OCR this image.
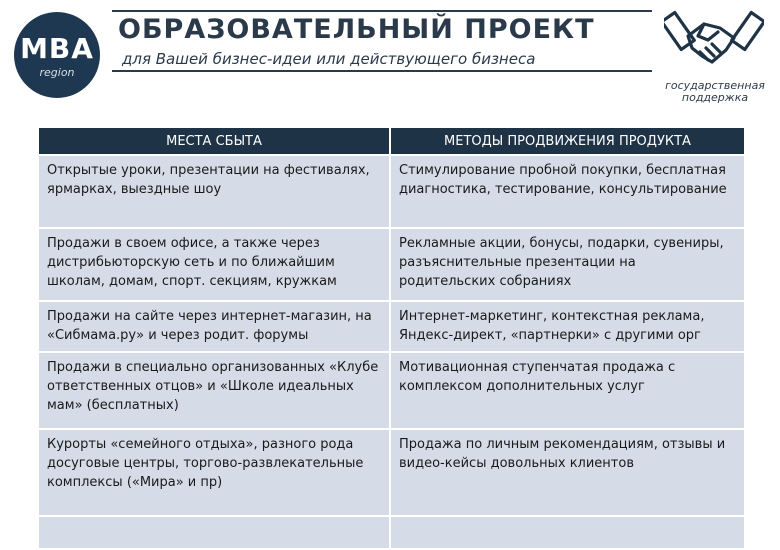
MBA
region
ОБРАЗОВАТЕЛЬНЫЙ ПРОЕКТ
для Вашей бизнес-идеи или действующего бизнеса
государственная
поддержка
МЕСТА СБЫТА	МЕТОДЫ ПРОДВИЖЕНИЯ ПРОДУКТА
Открытые уроки, презентации на фестивалях, ярмарках, выездные шоу	Стимулирование пробной покупки, бесплатная диагностика, тестирование, консультирование
Продажи в своем офисе, а также через дистрибьюторскую сеть и по ближайшим школам, домам, спорт. секциям, кружкам	Рекламные акции, бонусы, подарки, сувениры, разъяснительные презентации на родительских собраниях
Продажи на сайте через интернет-магазин, на «Сибмама.ру» и через родит. форумы	Интернет-маркетинг, контекстная реклама, Яндекс-директ, «партнерки» с другими орг
Продажи в специально организованных «Клубе ответственных отцов» и «Школе идеальных мам» (бесплатных)	Мотивационная ступенчатая продажа с комплексом дополнительных услуг
Курорты «семейного отдыха», разного рода досуговые центры, торгово-развлекательные комплексы («Мира» и пр)	Продажа по личным рекомендациям, отзывы и видео-кейсы довольных клиентов
